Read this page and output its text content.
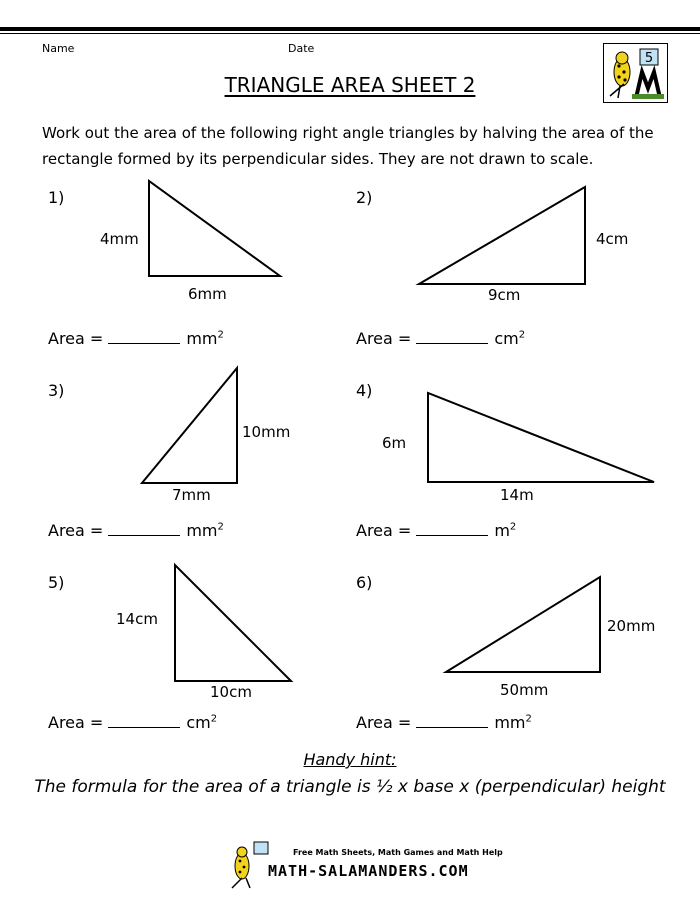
Name	Date
5
TRIANGLE AREA SHEET 2
Work out the area of the following right angle triangles by halving the area of the rectangle formed by its perpendicular sides. They are not drawn to scale.
1)
4mm
6mm
Area =	$mm^2$
2)
4cm
9cm
Area =	$cm^2$
3)
10mm
7mm
Area =	$mm^2$
4)
6m
14m
Area =	$m^2$
5)
14cm
10cm
Area =	$cm^2$
6)
20mm
50mm
Area =	$mm^2$
Handy hint:
The formula for the area of a triangle is ½ x base x (perpendicular) height
Free Math Sheets, Math Games and Math Help
MATH-SALAMANDERS.COM
